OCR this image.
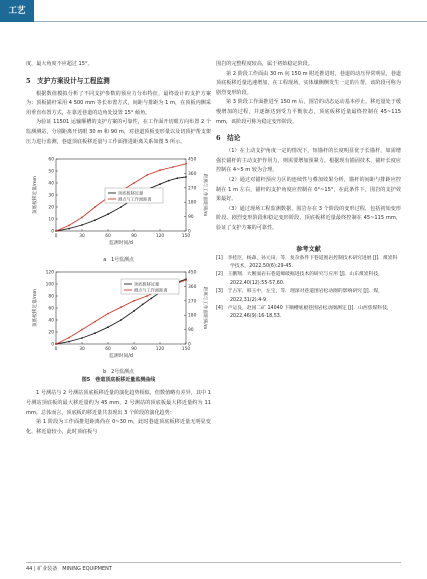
工艺
度，最大角度不应超过 15°。
5　支护方案设计与工程监测
根据数值模拟分析了不同支护参数的预应力分布特征，最终设计的支护方案为：顶板锚杆采用 4 500 mm 等长布置方式，间距与排距为 1 m，在顶板内侧采用垂直布置方式，在靠近巷道的边角处设置 15° 倾角。
为验证 11501 运输顺槽的支护方案的可靠性，在工作面开切眼方向布置 2 个监测测站，分别距离开切眼 30 m 和 90 m，对巷道顶板变形量以及切顶护帮支架压力进行监测，巷道顶底板移近量与工作面推进距离关系如图 5 所示。
0	30	60	90	120	150
0
10
20
30
40
50
60
0
90
180
270
360
450
监测时间/d
顶底板移近量/mm	距离与工作面距离/m
顶底板移近量
测点与工作面距离
a　1号监测点
0	30	60	90	120	150
0
20
40
60
80
100
120
0
90
180
270
360
450
监测时间/d
顶底板移近量/mm	距离与工作面距离/m
顶底板移近量
测点与工作面距离
b　2号监测点
图5　巷道顶底板移近量监测曲线
1 号测站与 2 号测站顶底板移近量的演化趋势相似，但数值略有差异，其中 1 号测站顶底板的最大移近量约为 45 mm，2 号测站的顶底板最大移近量约为 11 mm。总体而言，顶底板的移近量共表现出 3 个阶段的演化趋势：
第 1 阶段为工作面推进距离尚在 0~30 m，此时巷道顶底板移近量无明显变化，移近量较小，此时顶底板与
围岩的完整程度较高，属于初始稳定阶段。
第 2 阶段工作面由 30 m 向 150 m 附近推进时，巷道的动压异常明显，巷道顶底板移近量迅速增加，在工程现场，实体煤侧侧发生一定的片帮，该阶段可称为剧烈变形阶段。
第 3 阶段工作面推进至 150 m 后，围岩的动态运动基本停止，移近量处于缓慢增加的过程，并逐渐达到受力平衡状态，顶底板移近量最终控制在 45~115 mm，该阶段可称为稳定变形阶段。
6　结论
（1）在上动支护角度一定的情况下，短锚杆的长度明显优于长锚杆，如需增强长锚杆的主动支护作用力，则需要增加预紧力。根据现有锚固技术，锚杆长度应控制在 4~5 m 较为合理。
（2）通过对锚杆预应力区的连续性与叠加效果分析，锚杆的间距与排距应控制在 1 m 左右，锚杆的支护角度应控制在 0°~15°，在此条件下，围岩的支护效果最好。
（3）通过现场工程监测数据，围岩存在 3 个阶段的变形过程，包括初始变形阶段、剧烈变形阶段和稳定变形阶段，顶底板移近量最终控制在 45~115 mm，验证了支护方案的可靠性。
参考文献
[1]　李桂臣，杨森，孙元田，等．复杂条件下巷道围岩控制技术研究进展 [J]．煤炭科学技术，2022,50(6):29-45.
[2]　王鹏翔．大断面岩石巷道爆破掘进技术的研究与应用 [J]．山东煤炭科技，2022,40(12):55-57,60.
[3]　于占军，韩玉中，左宝，等．理深对巷道围岩松动圈的影响研究 [J]．煤，2022,31(2):4-9.
[4]　卢运良，赵国二矿 14040 下顺槽底板巷围岩松动圈测定 [J]．山西焦煤科技，2022,46(9):16-18,53.
44 | 矿业装备　MINING EQUIPMENT
